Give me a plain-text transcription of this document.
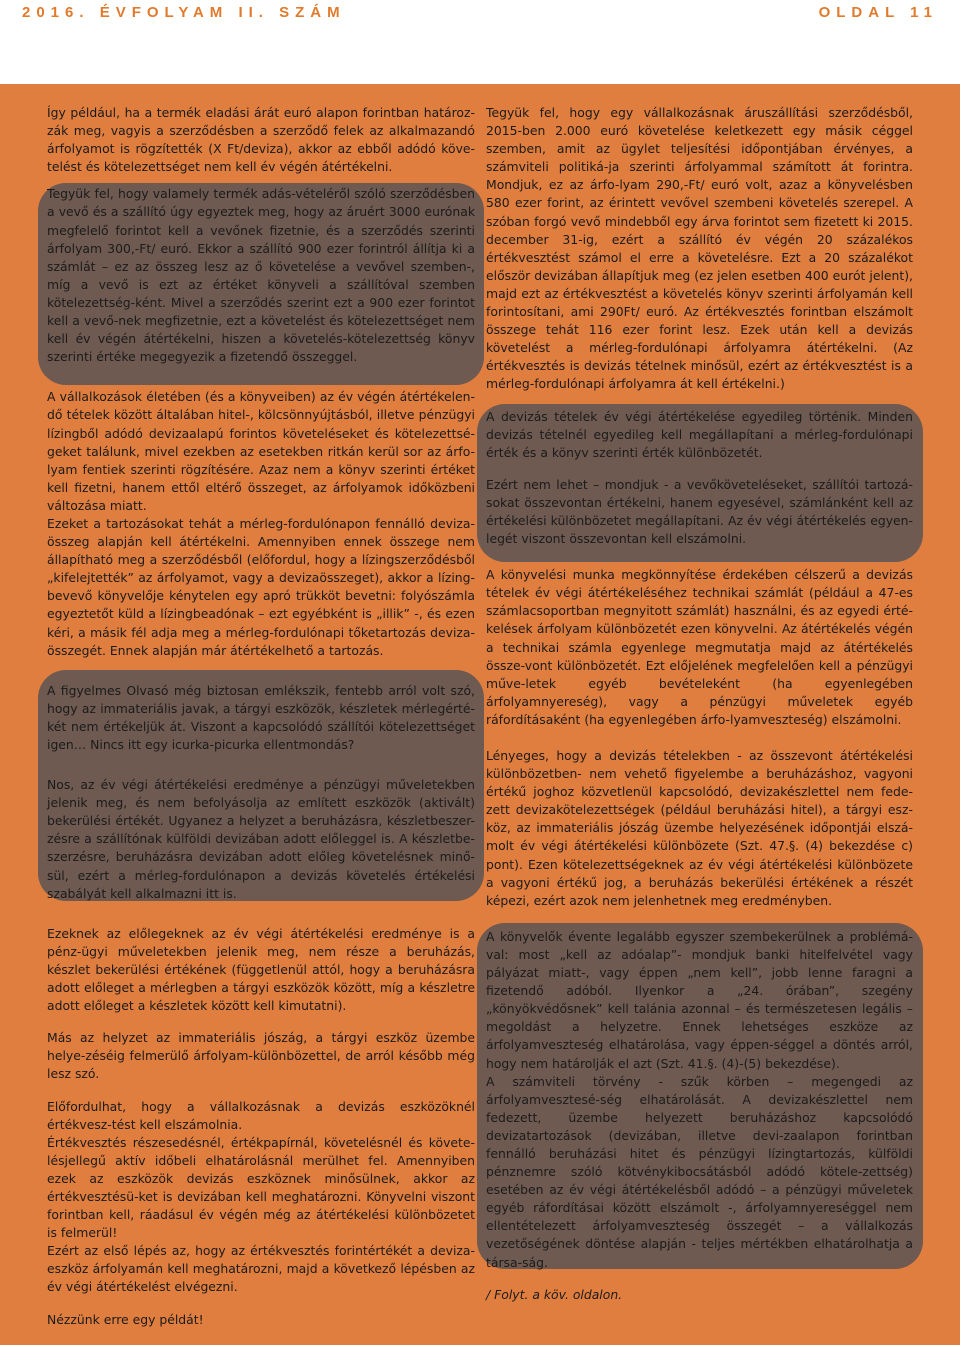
2016. ÉVFOLYAM II. SZÁM	OLDAL 11

Így például, ha a termék eladási árát euró alapon forintban határoz-zák meg, vagyis a szerződésben a szerződő felek az alkalmazandó árfolyamot is rögzítették (X Ft/deviza), akkor az ebből adódó köve-telést és kötelezettséget nem kell év végén átértékelni.

Tegyük fel, hogy valamely termék adás-vételéről szóló szerződésben a vevő és a szállító úgy egyeztek meg, hogy az áruért 3000 eurónak megfelelő forintot kell a vevőnek fizetnie, és a szerződés szerinti árfolyam 300,-Ft/ euró. Ekkor a szállító 900 ezer forintról állítja ki a számlát – ez az összeg lesz az ő követelése a vevővel szemben-, míg a vevő is ezt az értéket könyveli a szállítóval szemben kötelezettség-ként. Mivel a szerződés szerint ezt a 900 ezer forintot kell a vevő-nek megfizetnie, ezt a követelést és kötelezettséget nem kell év végén átértékelni, hiszen a követelés-kötelezettség könyv szerinti értéke megegyezik a fizetendő összeggel.

A vállalkozások életében (és a könyveiben) az év végén átértékelen-dő tételek között általában hitel-, kölcsönnyújtásból, illetve pénzügyi lízingből adódó devizaalapú forintos követeléseket és kötelezettsé-geket találunk, mivel ezekben az esetekben ritkán kerül sor az árfo-lyam fentiek szerinti rögzítésére. Azaz nem a könyv szerinti értéket kell fizetni, hanem ettől eltérő összeget, az árfolyamok időközbeni változása miatt.

Ezeket a tartozásokat tehát a mérleg-fordulónapon fennálló deviza-összeg alapján kell átértékelni. Amennyiben ennek összege nem állapítható meg a szerződésből (előfordul, hogy a lízingszerződésből „kifelejtették” az árfolyamot, vagy a devizaösszeget), akkor a lízing-bevevő könyvelője kénytelen egy apró trükköt bevetni: folyószámla egyeztetőt küld a lízingbeadónak – ezt egyébként is „illik” -, és ezen kéri, a másik fél adja meg a mérleg-fordulónapi tőketartozás deviza-összegét. Ennek alapján már átértékelhető a tartozás.

A figyelmes Olvasó még biztosan emlékszik, fentebb arról volt szó, hogy az immateriális javak, a tárgyi eszközök, készletek mérlegérté-két nem értékeljük át. Viszont a kapcsolódó szállítói kötelezettséget igen… Nincs itt egy icurka-picurka ellentmondás?

Nos, az év végi átértékelési eredménye a pénzügyi műveletekben jelenik meg, és nem befolyásolja az említett eszközök (aktivált) bekerülési értékét. Ugyanez a helyzet a beruházásra, készletbeszer-zésre a szállítónak külföldi devizában adott előleggel is. A készletbe-szerzésre, beruházásra devizában adott előleg követelésnek minő-sül, ezért a mérleg-fordulónapon a devizás követelés értékelési szabályát kell alkalmazni itt is.

Ezeknek az előlegeknek az év végi átértékelési eredménye is a pénz-ügyi műveletekben jelenik meg, nem része a beruházás, készlet bekerülési értékének (függetlenül attól, hogy a beruházásra adott előleget a mérlegben a tárgyi eszközök között, míg a készletre adott előleget a készletek között kell kimutatni).

Más az helyzet az immateriális jószág, a tárgyi eszköz üzembe helye-zéséig felmerülő árfolyam-különbözettel, de arról később még lesz szó.

Előfordulhat, hogy a vállalkozásnak a devizás eszközöknél értékvesz-tést kell elszámolnia.

Értékvesztés részesedésnél, értékpapírnál, követelésnél és követe-lésjellegű aktív időbeli elhatárolásnál merülhet fel. Amennyiben ezek az eszközök devizás eszköznek minősülnek, akkor az értékvesztésü-ket is devizában kell meghatározni. Könyvelni viszont forintban kell, ráadásul év végén még az átértékelési különbözetet is felmerül!

Ezért az első lépés az, hogy az értékvesztés forintértékét a deviza-eszköz árfolyamán kell meghatározni, majd a következő lépésben az év végi átértékelést elvégezni.

Nézzünk erre egy példát!

Tegyük fel, hogy egy vállalkozásnak áruszállítási szerződésből, 2015-ben 2.000 euró követelése keletkezett egy másik céggel szemben, amit az ügylet teljesítési időpontjában érvényes, a számviteli politiká-ja szerinti árfolyammal számított át forintra. Mondjuk, ez az árfo-lyam 290,-Ft/ euró volt, azaz a könyvelésben 580 ezer forint, az érintett vevővel szembeni követelés szerepel. A szóban forgó vevő mindebből egy árva forintot sem fizetett ki 2015. december 31-ig, ezért a szállító év végén 20 százalékos értékvesztést számol el erre a követelésre. Ezt a 20 százalékot először devizában állapítjuk meg (ez jelen esetben 400 eurót jelent), majd ezt az értékvesztést a követelés könyv szerinti árfolyamán kell forintosítani, ami 290Ft/ euró. Az értékvesztés forintban elszámolt összege tehát 116 ezer forint lesz. Ezek után kell a devizás követelést a mérleg-fordulónapi árfolyamra átértékelni. (Az értékvesztés is devizás tételnek minősül, ezért az értékvesztést is a mérleg-fordulónapi árfolyamra át kell értékelni.)

A devizás tételek év végi átértékelése egyedileg történik. Minden devizás tételnél egyedileg kell megállapítani a mérleg-fordulónapi érték és a könyv szerinti érték különbözetét.

Ezért nem lehet – mondjuk - a vevőköveteléseket, szállítói tartozá-sokat összevontan értékelni, hanem egyesével, számlánként kell az értékelési különbözetet megállapítani. Az év végi átértékelés egyen-legét viszont összevontan kell elszámolni.

A könyvelési munka megkönnyítése érdekében célszerű a devizás tételek év végi átértékeléséhez technikai számlát (például a 47-es számlacsoportban megnyitott számlát) használni, és az egyedi érté-kelések árfolyam különbözetét ezen könyvelni. Az átértékelés végén a technikai számla egyenlege megmutatja majd az átértékelés össze-vont különbözetét. Ezt előjelének megfelelően kell a pénzügyi műve-letek egyéb bevételeként (ha egyenlegében árfolyamnyereség), vagy a pénzügyi műveletek egyéb ráfordításaként (ha egyenlegében árfo-lyamveszteség) elszámolni.

Lényeges, hogy a devizás tételekben - az összevont átértékelési különbözetben- nem vehető figyelembe a beruházáshoz, vagyoni értékű joghoz közvetlenül kapcsolódó, devizakészlettel nem fede-zett devizakötelezettségek (például beruházási hitel), a tárgyi esz-köz, az immateriális jószág üzembe helyezésének időpontjái elszá-molt év végi átértékelési különbözete (Szt. 47.§. (4) bekezdése c) pont). Ezen kötelezettségeknek az év végi átértékelési különbözete a vagyoni értékű jog, a beruházás bekerülési értékének a részét képezi, ezért azok nem jelenhetnek meg eredményben.

A könyvelők évente legalább egyszer szembekerülnek a problémá-val: most „kell az adóalap”- mondjuk banki hitelfelvétel vagy pályázat miatt-, vagy éppen „nem kell”, jobb lenne faragni a fizetendő adóból. Ilyenkor a „24. órában”, szegény „könyökvédősnek” kell talánia azonnal – és természetesen legális – megoldást a helyzetre. Ennek lehetséges eszköze az árfolyamveszteség elhatárolása, vagy éppen-séggel a döntés arról, hogy nem határolják el azt (Szt. 41.§. (4)-(5) bekezdése).

A számviteli törvény - szűk körben – megengedi az árfolyamvesztesé-ség elhatárolását. A devizakészlettel nem fedezett, üzembe helyezett beruházáshoz kapcsolódó devizatartozások (devizában, illetve devi-zaalapon forintban fennálló beruházási hitet és pénzügyi lízingtartozás, külföldi pénznemre szóló kötvénykibocsátásból adódó kötele-zettség) esetében az év végi átértékelésből adódó – a pénzügyi műveletek egyéb ráfordításai között elszámolt -, árfolyamnyereséggel nem ellentételezett árfolyamveszteség összegét – a vállalkozás vezetőségének döntése alapján - teljes mértékben elhatárolhatja a társa-ság.

/ Folyt. a köv. oldalon.
